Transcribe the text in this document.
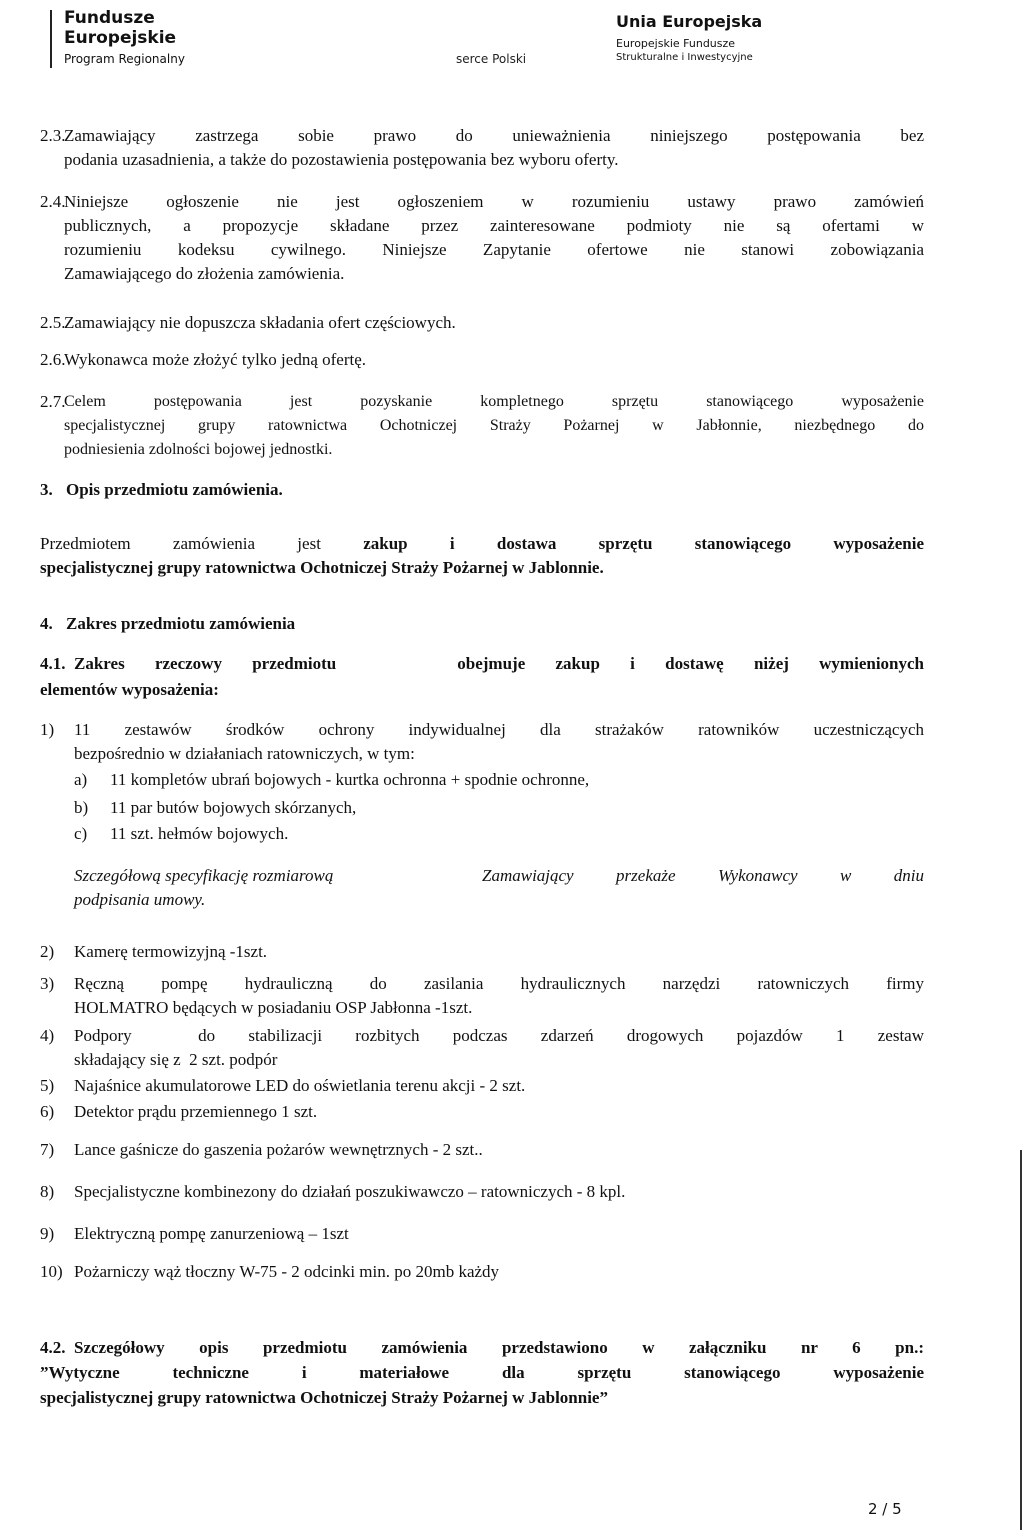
Fundusze
Europejskie
Program Regionalny	serce Polski
Unia Europejska
Europejskie Fundusze
Strukturalne i Inwestycyjne
2.3.
Zamawiający zastrzega sobie prawo do unieważnienia niniejszego postępowania bez
podania uzasadnienia, a także do pozostawienia postępowania bez wyboru oferty.
2.4.
Niniejsze ogłoszenie nie jest ogłoszeniem w rozumieniu ustawy prawo zamówień
publicznych, a propozycje składane przez zainteresowane podmioty nie są ofertami w
rozumieniu kodeksu cywilnego. Niniejsze Zapytanie ofertowe nie stanowi zobowiązania
Zamawiającego do złożenia zamówienia.
2.5.
Zamawiający nie dopuszcza składania ofert częściowych.
2.6.
Wykonawca może złożyć tylko jedną ofertę.
2.7.
Celem postępowania jest pozyskanie kompletnego sprzętu stanowiącego wyposażenie
specjalistycznej grupy ratownictwa Ochotniczej Straży Pożarnej w Jabłonnie, niezbędnego do
podniesienia zdolności bojowej jednostki.
3. Opis przedmiotu zamówienia.
Przedmiotem zamówienia jest zakup i dostawa sprzętu stanowiącego wyposażenie
specjalistycznej grupy ratownictwa Ochotniczej Straży Pożarnej w Jablonnie.
4. Zakres przedmiotu zamówienia
4.1. Zakres rzeczowy przedmiotu    obejmuje zakup i dostawę niżej wymienionych
elementów wyposażenia:
1) 11 zestawów środków ochrony indywidualnej dla strażaków ratowników uczestniczących
bezpośrednio w działaniach ratowniczych, w tym:
a) 11 kompletów ubrań bojowych - kurtka ochronna + spodnie ochronne,
b) 11 par butów bojowych skórzanych,
c) 11 szt. hełmów bojowych.
Szczegółową specyfikację rozmiarową	Zamawiający przekaże Wykonawcy w dniu
podpisania umowy.
2) Kamerę termowizyjną -1szt.
3) Ręczną pompę hydrauliczną do zasilania hydraulicznych narzędzi ratowniczych firmy
HOLMATRO będących w posiadaniu OSP Jabłonna -1szt.
4) Podpory  do stabilizacji rozbitych podczas zdarzeń drogowych pojazdów 1 zestaw
składający się z  2 szt. podpór
5) Najaśnice akumulatorowe LED do oświetlania terenu akcji - 2 szt.
6) Detektor prądu przemiennego 1 szt.
7) Lance gaśnicze do gaszenia pożarów wewnętrznych - 2 szt..
8) Specjalistyczne kombinezony do działań poszukiwawczo – ratowniczych - 8 kpl.
9) Elektryczną pompę zanurzeniową – 1szt
10) Pożarniczy wąż tłoczny W-75 - 2 odcinki min. po 20mb każdy
4.2. Szczegółowy opis przedmiotu zamówienia przedstawiono w załączniku nr 6 pn.:
”Wytyczne techniczne i materiałowe dla sprzętu stanowiącego wyposażenie
specjalistycznej grupy ratownictwa Ochotniczej Straży Pożarnej w Jablonnie”
2 / 5
